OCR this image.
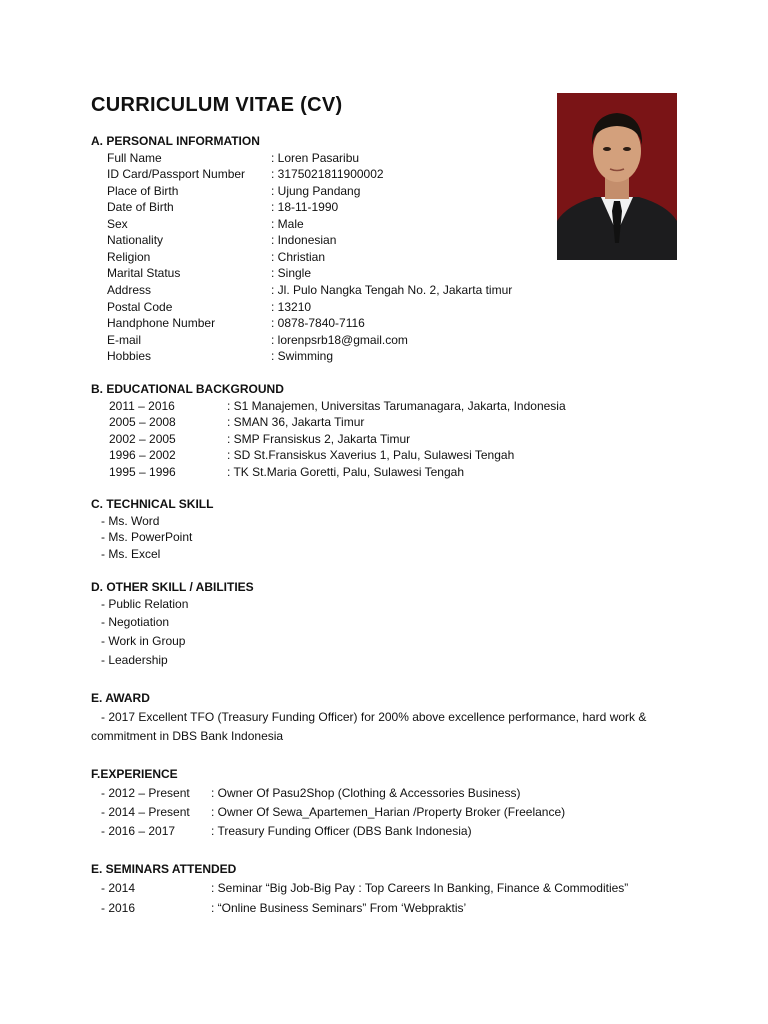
CURRICULUM VITAE (CV)
A. PERSONAL INFORMATION
Full Name	: Loren Pasaribu
ID Card/Passport Number : 3175021811900002
Place of Birth	: Ujung Pandang
Date of Birth	: 18-11-1990
Sex	: Male
Nationality	: Indonesian
Religion	: Christian
Marital Status	: Single
Address	: Jl. Pulo Nangka Tengah No. 2, Jakarta timur
Postal Code	: 13210
Handphone Number	: 0878-7840-7116
E-mail	: lorenpsrb18@gmail.com
Hobbies	: Swimming
B. EDUCATIONAL BACKGROUND
2011 – 2016	: S1 Manajemen, Universitas Tarumanagara, Jakarta, Indonesia
2005 – 2008	: SMAN 36, Jakarta Timur
2002 – 2005	: SMP Fransiskus 2, Jakarta Timur
1996 – 2002	: SD St.Fransiskus Xaverius 1, Palu, Sulawesi Tengah
1995 – 1996	: TK St.Maria Goretti, Palu, Sulawesi Tengah
C. TECHNICAL SKILL
- Ms. Word
- Ms. PowerPoint
- Ms. Excel
D. OTHER SKILL / ABILITIES
- Public Relation
- Negotiation
- Work in Group
- Leadership
E. AWARD
- 2017 Excellent TFO (Treasury Funding Officer) for 200% above excellence performance, hard work &
commitment in DBS Bank Indonesia
F.EXPERIENCE
- 2012 – Present : Owner Of Pasu2Shop (Clothing & Accessories Business)
- 2014 – Present : Owner Of Sewa_Apartemen_Harian /Property Broker (Freelance)
- 2016 – 2017	: Treasury Funding Officer (DBS Bank Indonesia)
E. SEMINARS ATTENDED
- 2014	: Seminar “Big Job-Big Pay : Top Careers In Banking, Finance & Commodities”
- 2016	: “Online Business Seminars” From ‘Webpraktis’
